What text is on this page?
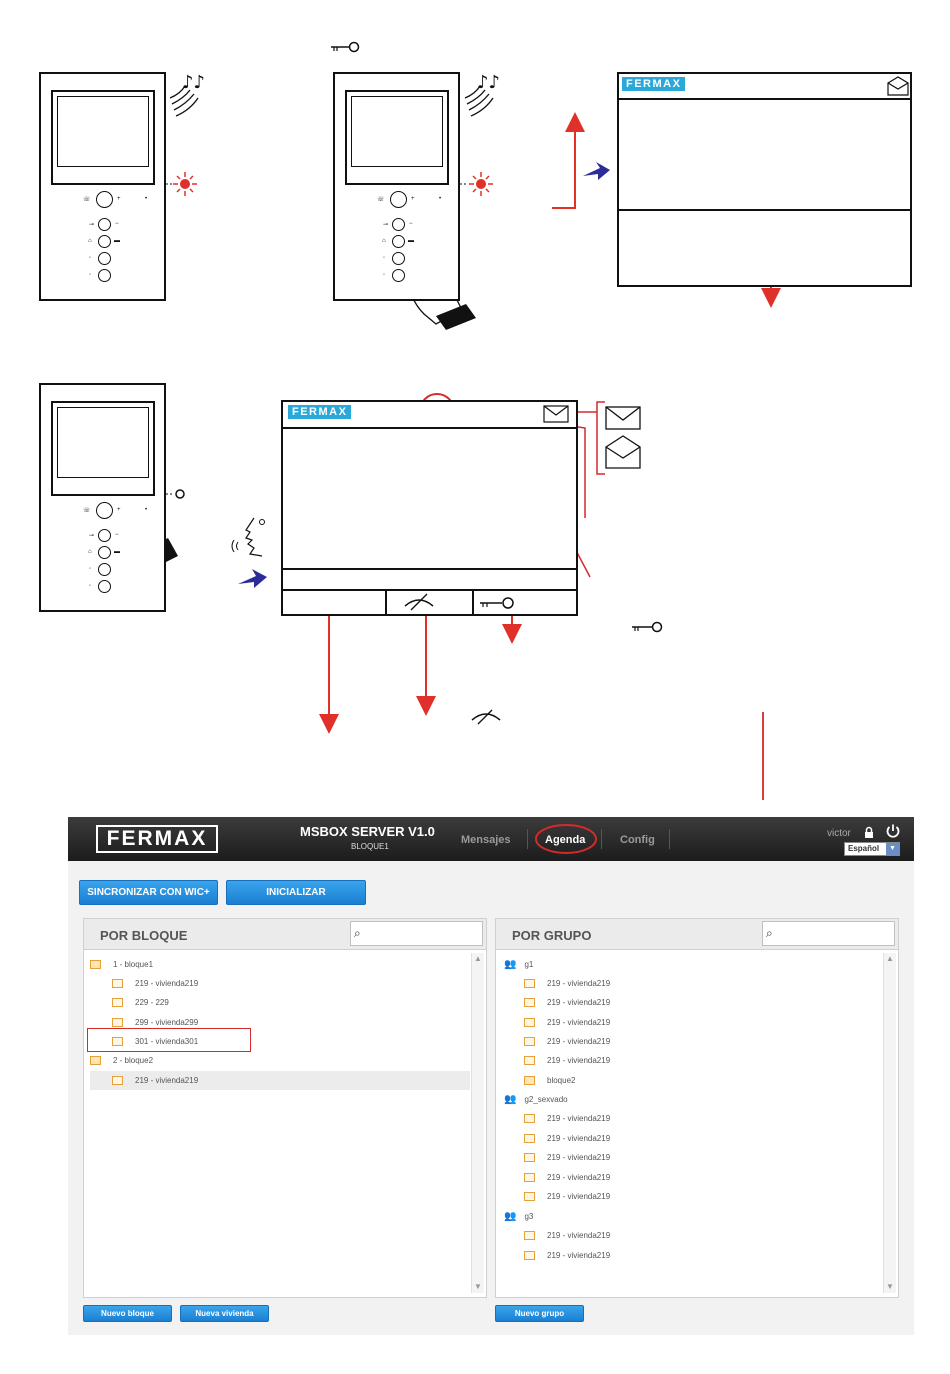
♪♪	♪♪
☏	+	•
⊸	−
⌂	▬
◦
◦
☏	+	•
⊸	−
⌂	▬
◦
◦
☏	+	•
⊸	−
⌂	▬
◦
◦
FERMAX
FERMAX
FERMAX	MSBOX SERVER V1.0
BLOQUE1
Mensajes	Agenda	Config
victor
Español	▼
SINCRONIZAR CON WIC+	INICIALIZAR
POR BLOQUE	⌕
1 - bloque1
219 - vivienda219
229 - 229
299 - vivienda299
301 - vivienda301
2 - bloque2
219 - vivienda219
▲
▼
POR GRUPO	⌕
👥 g1
219 - vivienda219
219 - vivienda219
219 - vivienda219
219 - vivienda219
219 - vivienda219
bloque2
👥 g2_sexvado
219 - vivienda219
219 - vivienda219
219 - vivienda219
219 - vivienda219
219 - vivienda219
👥 g3
219 - vivienda219
219 - vivienda219
▲
▼
Nuevo bloque	Nueva vivienda	Nuevo grupo
